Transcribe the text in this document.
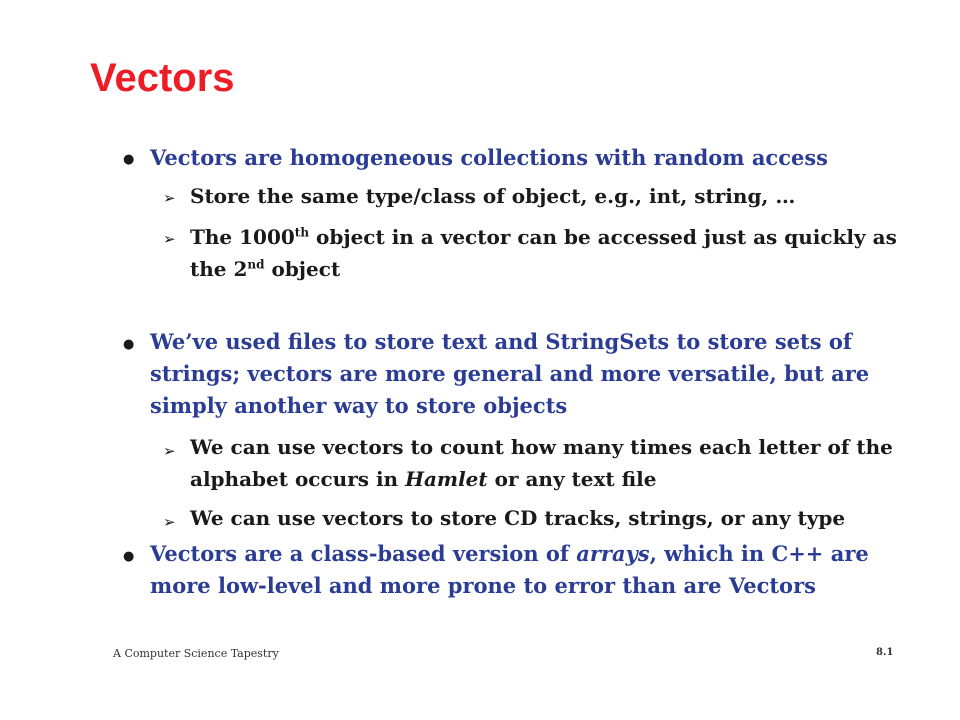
Vectors
● Vectors are homogeneous collections with random access
➢ Store the same type/class of object, e.g., int, string, …
➢ The 1000th object in a vector can be accessed just as quickly as the 2nd object
● We’ve used files to store text and StringSets to store sets of strings; vectors are more general and more versatile, but are simply another way to store objects
➢ We can use vectors to count how many times each letter of the alphabet occurs in Hamlet or any text file
➢ We can use vectors to store CD tracks, strings, or any type
● Vectors are a class-based version of arrays, which in C++ are more low-level and more prone to error than are Vectors
A Computer Science Tapestry	8.1
